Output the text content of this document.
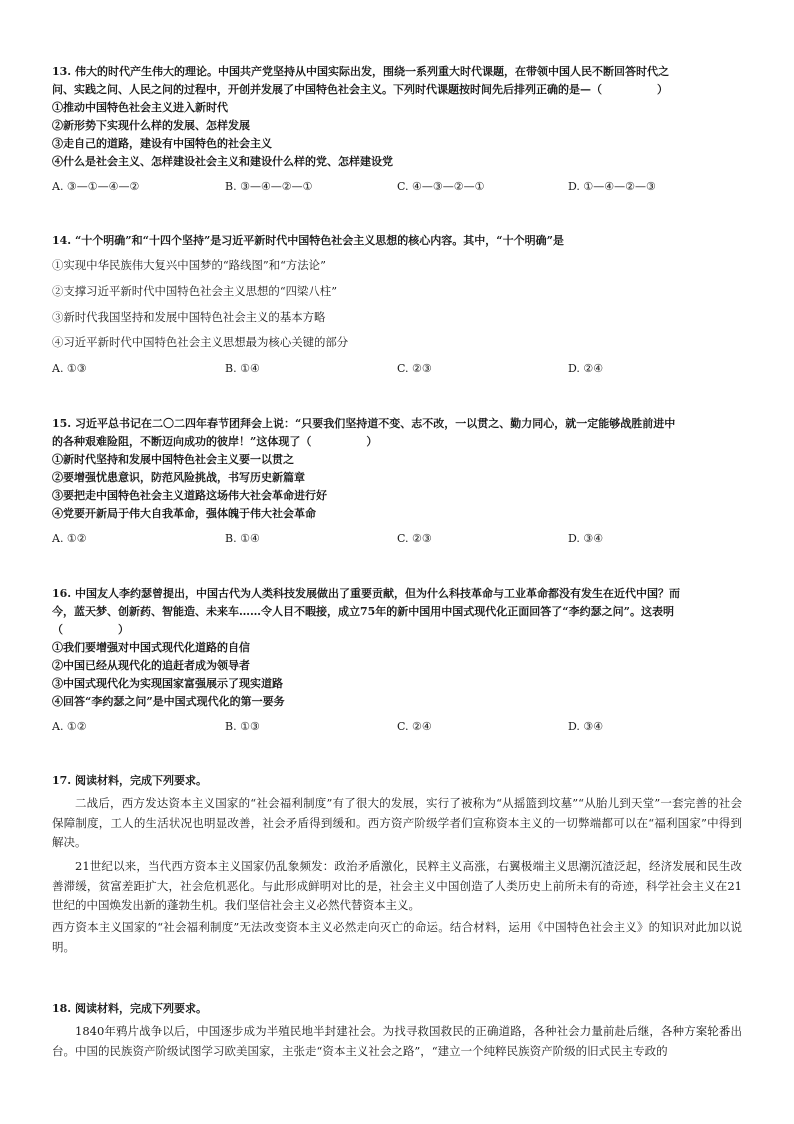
13. 伟大的时代产生伟大的理论。中国共产党坚持从中国实际出发，围绕一系列重大时代课题，在带领中国人民不断回答时代之
问、实践之问、人民之问的过程中，开创并发展了中国特色社会主义。下列时代课题按时间先后排列正确的是—（　　　　　）
①推动中国特色社会主义进入新时代
②新形势下实现什么样的发展、怎样发展
③走自己的道路，建设有中国特色的社会主义
④什么是社会主义、怎样建设社会主义和建设什么样的党、怎样建设党
A. ③—①—④—②	B. ③—④—②—①	C. ④—③—②—①	D. ①—④—②—③
14. “十个明确”和“十四个坚持”是习近平新时代中国特色社会主义思想的核心内容。其中，“十个明确”是
①实现中华民族伟大复兴中国梦的“路线图”和“方法论”
②支撑习近平新时代中国特色社会主义思想的“四梁八柱”
③新时代我国坚持和发展中国特色社会主义的基本方略
④习近平新时代中国特色社会主义思想最为核心关键的部分
A. ①③	B. ①④	C. ②③	D. ②④
15. 习近平总书记在二〇二四年春节团拜会上说：“只要我们坚持道不变、志不改，一以贯之、勤力同心，就一定能够战胜前进中
的各种艰难险阻，不断迈向成功的彼岸！”这体现了（　　　　　）
①新时代坚持和发展中国特色社会主义要一以贯之
②要增强忧患意识，防范风险挑战，书写历史新篇章
③要把走中国特色社会主义道路这场伟大社会革命进行好
④党要开新局于伟大自我革命，强体魄于伟大社会革命
A. ①②	B. ①④	C. ②③	D. ③④
16. 中国友人李约瑟曾提出，中国古代为人类科技发展做出了重要贡献，但为什么科技革命与工业革命都没有发生在近代中国？而
今，蓝天梦、创新药、智能造、未来车……令人目不暇接，成立75年的新中国用中国式现代化正面回答了“李约瑟之问”。这表明
（　　　　　）
①我们要增强对中国式现代化道路的自信
②中国已经从现代化的追赶者成为领导者
③中国式现代化为实现国家富强展示了现实道路
④回答“李约瑟之问”是中国式现代化的第一要务
A. ①②	B. ①③	C. ②④	D. ③④
17. 阅读材料，完成下列要求。
二战后，西方发达资本主义国家的“社会福利制度”有了很大的发展，实行了被称为“从摇篮到坟墓”“从胎儿到天堂”一套完善的社会保障制度，工人的生活状况也明显改善，社会矛盾得到缓和。西方资产阶级学者们宣称资本主义的一切弊端都可以在“福利国家”中得到解决。
21世纪以来，当代西方资本主义国家仍乱象频发：政治矛盾激化，民粹主义高涨，右翼极端主义思潮沉渣泛起，经济发展和民生改善滞缓，贫富差距扩大，社会危机恶化。与此形成鲜明对比的是，社会主义中国创造了人类历史上前所未有的奇迹，科学社会主义在21世纪的中国焕发出新的蓬勃生机。我们坚信社会主义必然代替资本主义。
西方资本主义国家的“社会福利制度”无法改变资本主义必然走向灭亡的命运。结合材料，运用《中国特色社会主义》的知识对此加以说明。
18. 阅读材料，完成下列要求。
1840年鸦片战争以后，中国逐步成为半殖民地半封建社会。为找寻救国救民的正确道路，各种社会力量前赴后继，各种方案轮番出台。中国的民族资产阶级试图学习欧美国家，主张走“资本主义社会之路”，“建立一个纯粹民族资产阶级的旧式民主专政的
